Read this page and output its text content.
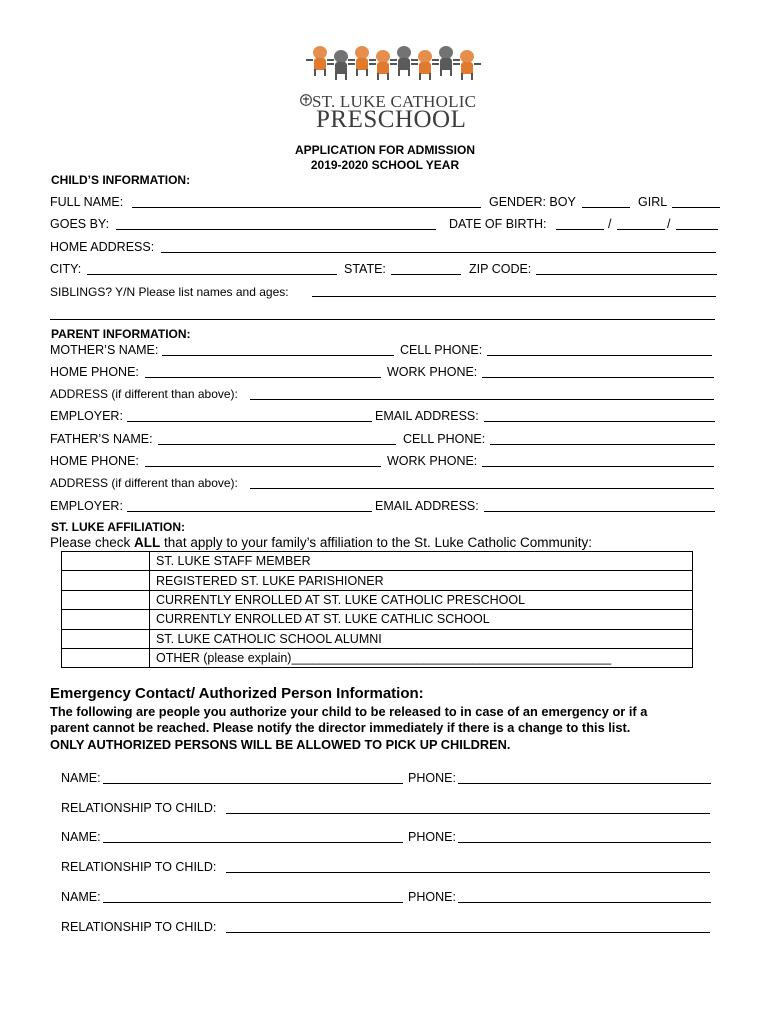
ST. LUKE CATHOLIC
PRESCHOOL
APPLICATION FOR ADMISSION
2019-2020 SCHOOL YEAR
CHILD’S INFORMATION:
FULL NAME:	GENDER: BOY	GIRL
GOES BY:	DATE OF BIRTH:	/	/
HOME ADDRESS:
CITY:	STATE:	ZIP CODE:
SIBLINGS? Y/N Please list names and ages:
PARENT INFORMATION:
MOTHER’S NAME:	CELL PHONE:
HOME PHONE:	WORK PHONE:
ADDRESS (if different than above):
EMPLOYER:	EMAIL ADDRESS:
FATHER’S NAME:	CELL PHONE:
HOME PHONE:	WORK PHONE:
ADDRESS (if different than above):
EMPLOYER:	EMAIL ADDRESS:
ST. LUKE AFFILIATION:
Please check ALL that apply to your family’s affiliation to the St. Luke Catholic Community:
	ST. LUKE STAFF MEMBER
	REGISTERED ST. LUKE PARISHIONER
	CURRENTLY ENROLLED AT ST. LUKE CATHOLIC PRESCHOOL
	CURRENTLY ENROLLED AT ST. LUKE CATHLIC SCHOOL
	ST. LUKE CATHOLIC SCHOOL ALUMNI
	OTHER (please explain)______________________________________________
Emergency Contact/ Authorized Person Information:
The following are people you authorize your child to be released to in case of an emergency or if a
parent cannot be reached. Please notify the director immediately if there is a change to this list.
ONLY AUTHORIZED PERSONS WILL BE ALLOWED TO PICK UP CHILDREN.
NAME:	PHONE:
RELATIONSHIP TO CHILD:
NAME:	PHONE:
RELATIONSHIP TO CHILD:
NAME:	PHONE:
RELATIONSHIP TO CHILD:
